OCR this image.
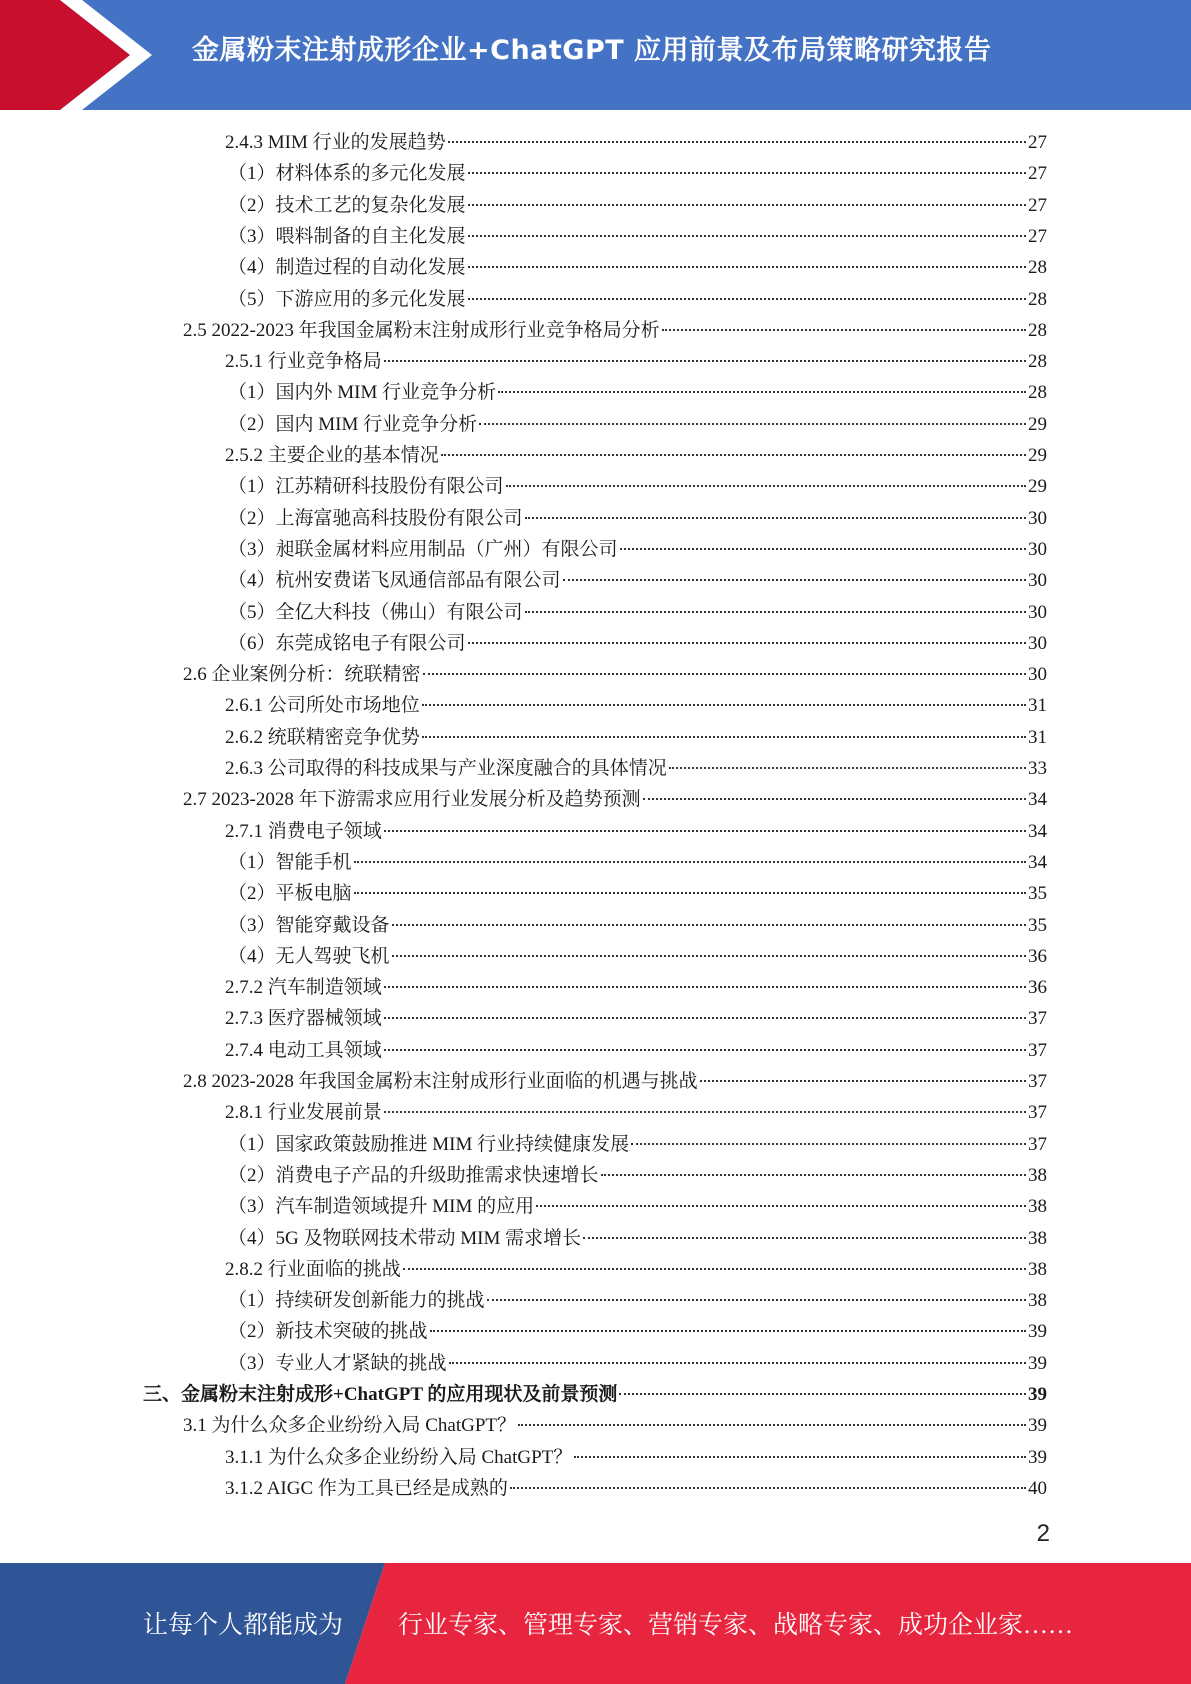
金属粉末注射成形企业+ChatGPT 应用前景及布局策略研究报告
2.4.3 MIM 行业的发展趋势	27
（1）材料体系的多元化发展	27
（2）技术工艺的复杂化发展	27
（3）喂料制备的自主化发展	27
（4）制造过程的自动化发展	28
（5）下游应用的多元化发展	28
2.5 2022-2023 年我国金属粉末注射成形行业竞争格局分析	28
2.5.1 行业竞争格局	28
（1）国内外 MIM 行业竞争分析	28
（2）国内 MIM 行业竞争分析	29
2.5.2 主要企业的基本情况	29
（1）江苏精研科技股份有限公司	29
（2）上海富驰高科技股份有限公司	30
（3）昶联金属材料应用制品（广州）有限公司	30
（4）杭州安费诺飞凤通信部品有限公司	30
（5）全亿大科技（佛山）有限公司	30
（6）东莞成铭电子有限公司	30
2.6 企业案例分析：统联精密	30
2.6.1 公司所处市场地位	31
2.6.2 统联精密竞争优势	31
2.6.3 公司取得的科技成果与产业深度融合的具体情况	33
2.7 2023-2028 年下游需求应用行业发展分析及趋势预测	34
2.7.1 消费电子领域	34
（1）智能手机	34
（2）平板电脑	35
（3）智能穿戴设备	35
（4）无人驾驶飞机	36
2.7.2 汽车制造领域	36
2.7.3 医疗器械领域	37
2.7.4 电动工具领域	37
2.8 2023-2028 年我国金属粉末注射成形行业面临的机遇与挑战	37
2.8.1 行业发展前景	37
（1）国家政策鼓励推进 MIM 行业持续健康发展	37
（2）消费电子产品的升级助推需求快速增长	38
（3）汽车制造领域提升 MIM 的应用	38
（4）5G 及物联网技术带动 MIM 需求增长	38
2.8.2 行业面临的挑战	38
（1）持续研发创新能力的挑战	38
（2）新技术突破的挑战	39
（3）专业人才紧缺的挑战	39
三、金属粉末注射成形+ChatGPT 的应用现状及前景预测	39
3.1 为什么众多企业纷纷入局 ChatGPT？	39
3.1.1 为什么众多企业纷纷入局 ChatGPT？	39
3.1.2 AIGC 作为工具已经是成熟的	40
2
让每个人都能成为 行业专家、管理专家、营销专家、战略专家、成功企业家……
